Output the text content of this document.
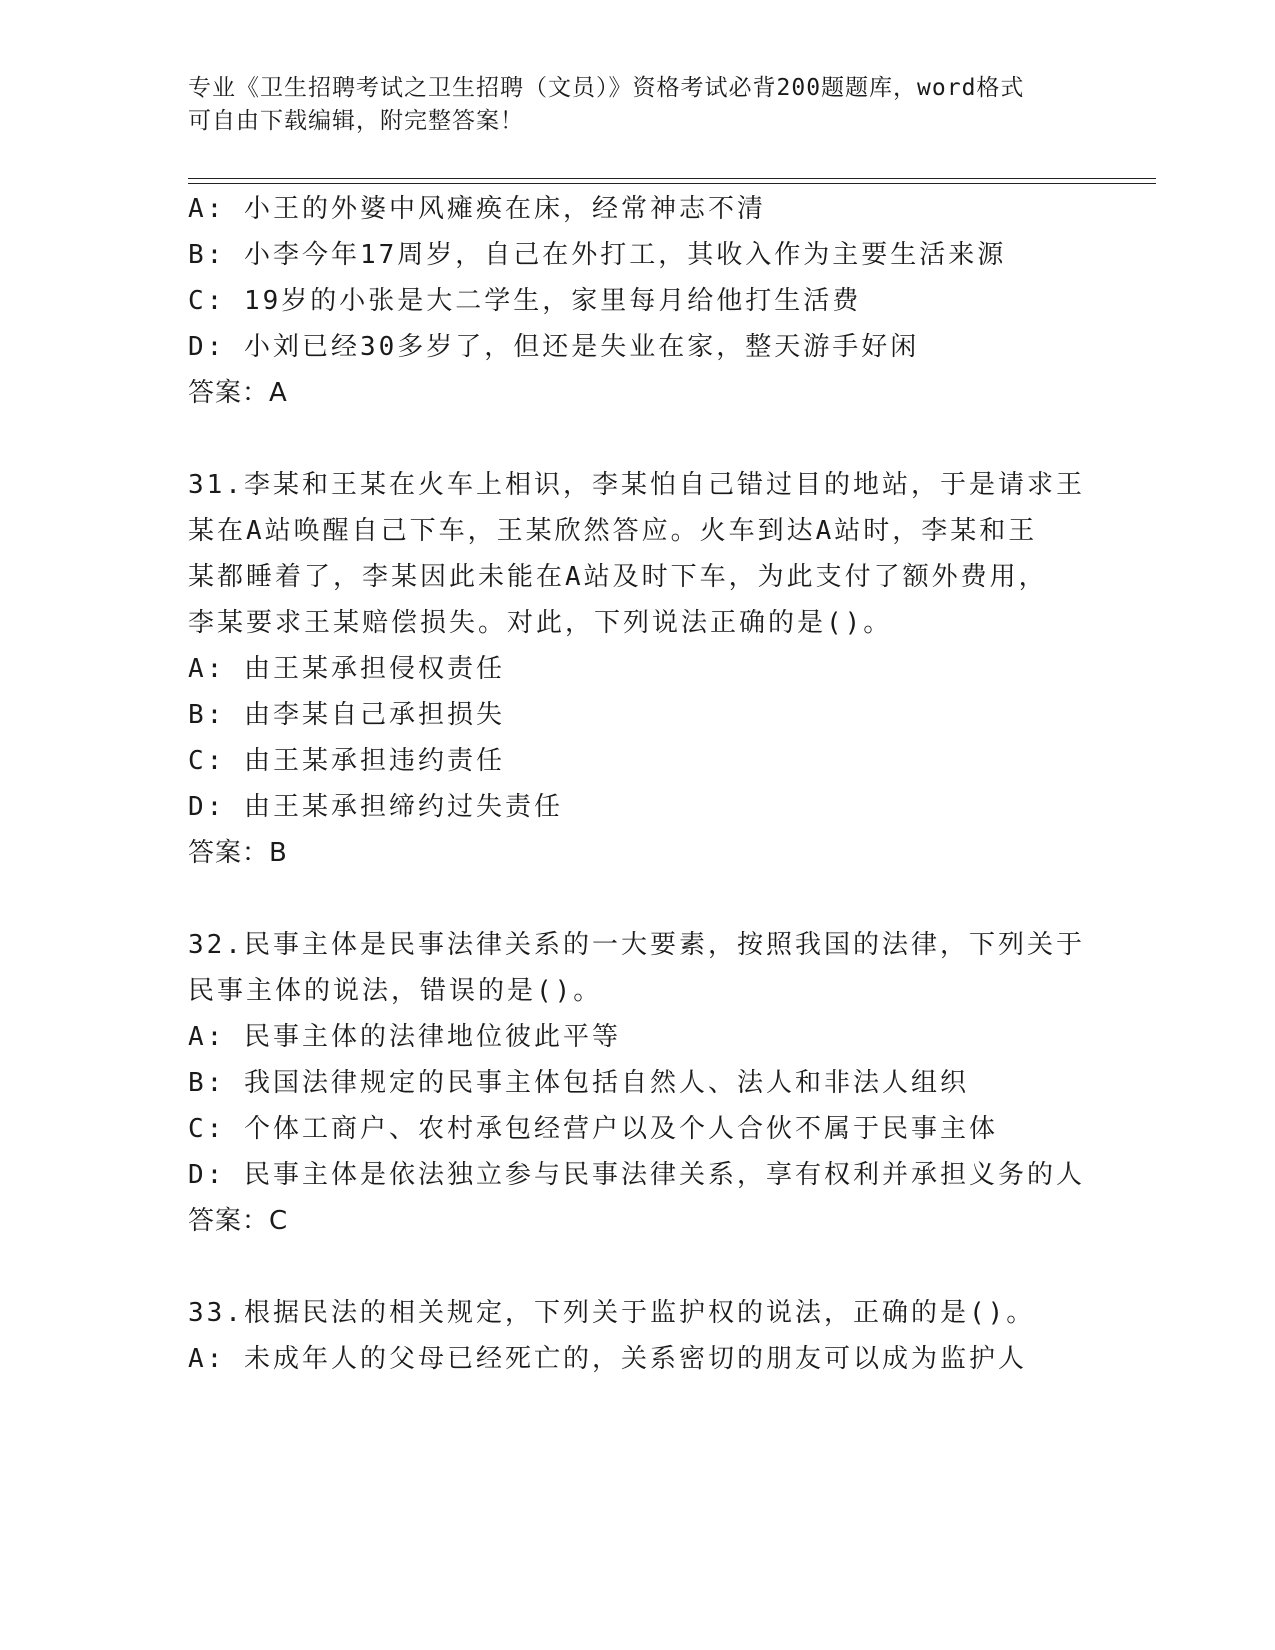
专业《卫生招聘考试之卫生招聘（文员）》资格考试必背200题题库，word格式
可自由下载编辑，附完整答案！
A: 小王的外婆中风瘫痪在床，经常神志不清
B: 小李今年17周岁，自己在外打工，其收入作为主要生活来源
C: 19岁的小张是大二学生，家里每月给他打生活费
D: 小刘已经30多岁了，但还是失业在家，整天游手好闲
答案：A
31.李某和王某在火车上相识，李某怕自己错过目的地站，于是请求王
某在A站唤醒自己下车，王某欣然答应。火车到达A站时，李某和王
某都睡着了，李某因此未能在A站及时下车，为此支付了额外费用，
李某要求王某赔偿损失。对此，下列说法正确的是()。
A: 由王某承担侵权责任
B: 由李某自己承担损失
C: 由王某承担违约责任
D: 由王某承担缔约过失责任
答案：B
32.民事主体是民事法律关系的一大要素，按照我国的法律，下列关于
民事主体的说法，错误的是()。
A: 民事主体的法律地位彼此平等
B: 我国法律规定的民事主体包括自然人、法人和非法人组织
C: 个体工商户、农村承包经营户以及个人合伙不属于民事主体
D: 民事主体是依法独立参与民事法律关系，享有权利并承担义务的人
答案：C
33.根据民法的相关规定，下列关于监护权的说法，正确的是()。
A: 未成年人的父母已经死亡的，关系密切的朋友可以成为监护人
